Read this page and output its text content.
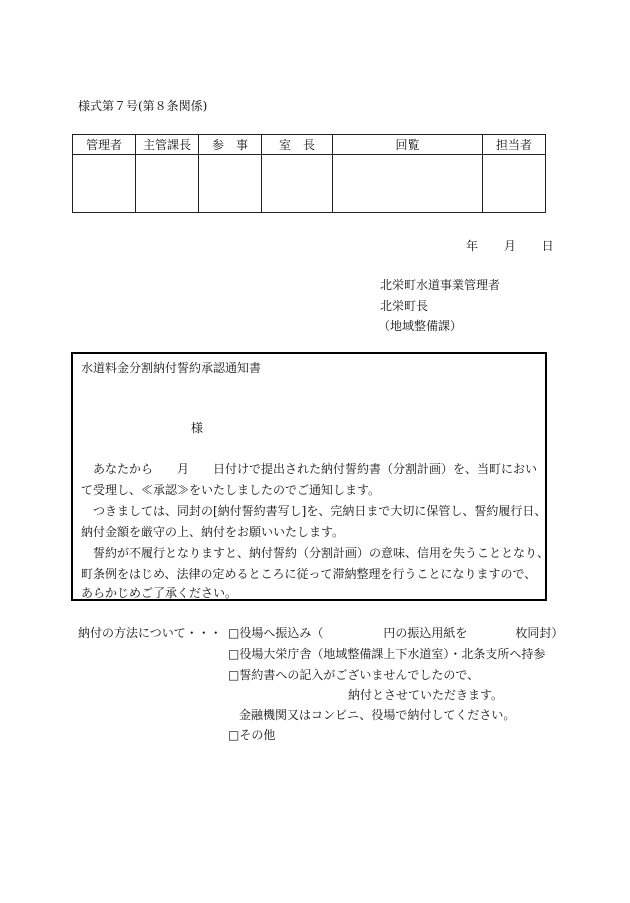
様式第７号(第８条関係)
管理者	主管課長	参　事	室　長	回覧	担当者

年 月 日
北栄町水道事業管理者
北栄町長
（地域整備課）
水道料金分割納付誓約承認通知書
様
あなたから　　月　　日付けで提出された納付誓約書（分割計画）を、当町におい
て受理し、≪承認≫をいたしましたのでご通知します。
つきましては、同封の[納付誓約書写し]を、完納日まで大切に保管し、誓約履行日、
納付金額を厳守の上、納付をお願いいたします。
誓約が不履行となりますと、納付誓約（分割計画）の意味、信用を失うこととなり、
町条例をはじめ、法律の定めるところに従って滞納整理を行うことになりますので、
あらかじめご了承ください。
納付の方法について・・・ □役場へ振込み（　　　　　円の振込用紙を　　　　枚同封）
□役場大栄庁舎（地域整備課上下水道室）・北条支所へ持参
□誓約書への記入がございませんでしたので、
納付とさせていただきます。
金融機関又はコンビニ、役場で納付してください。
□その他
